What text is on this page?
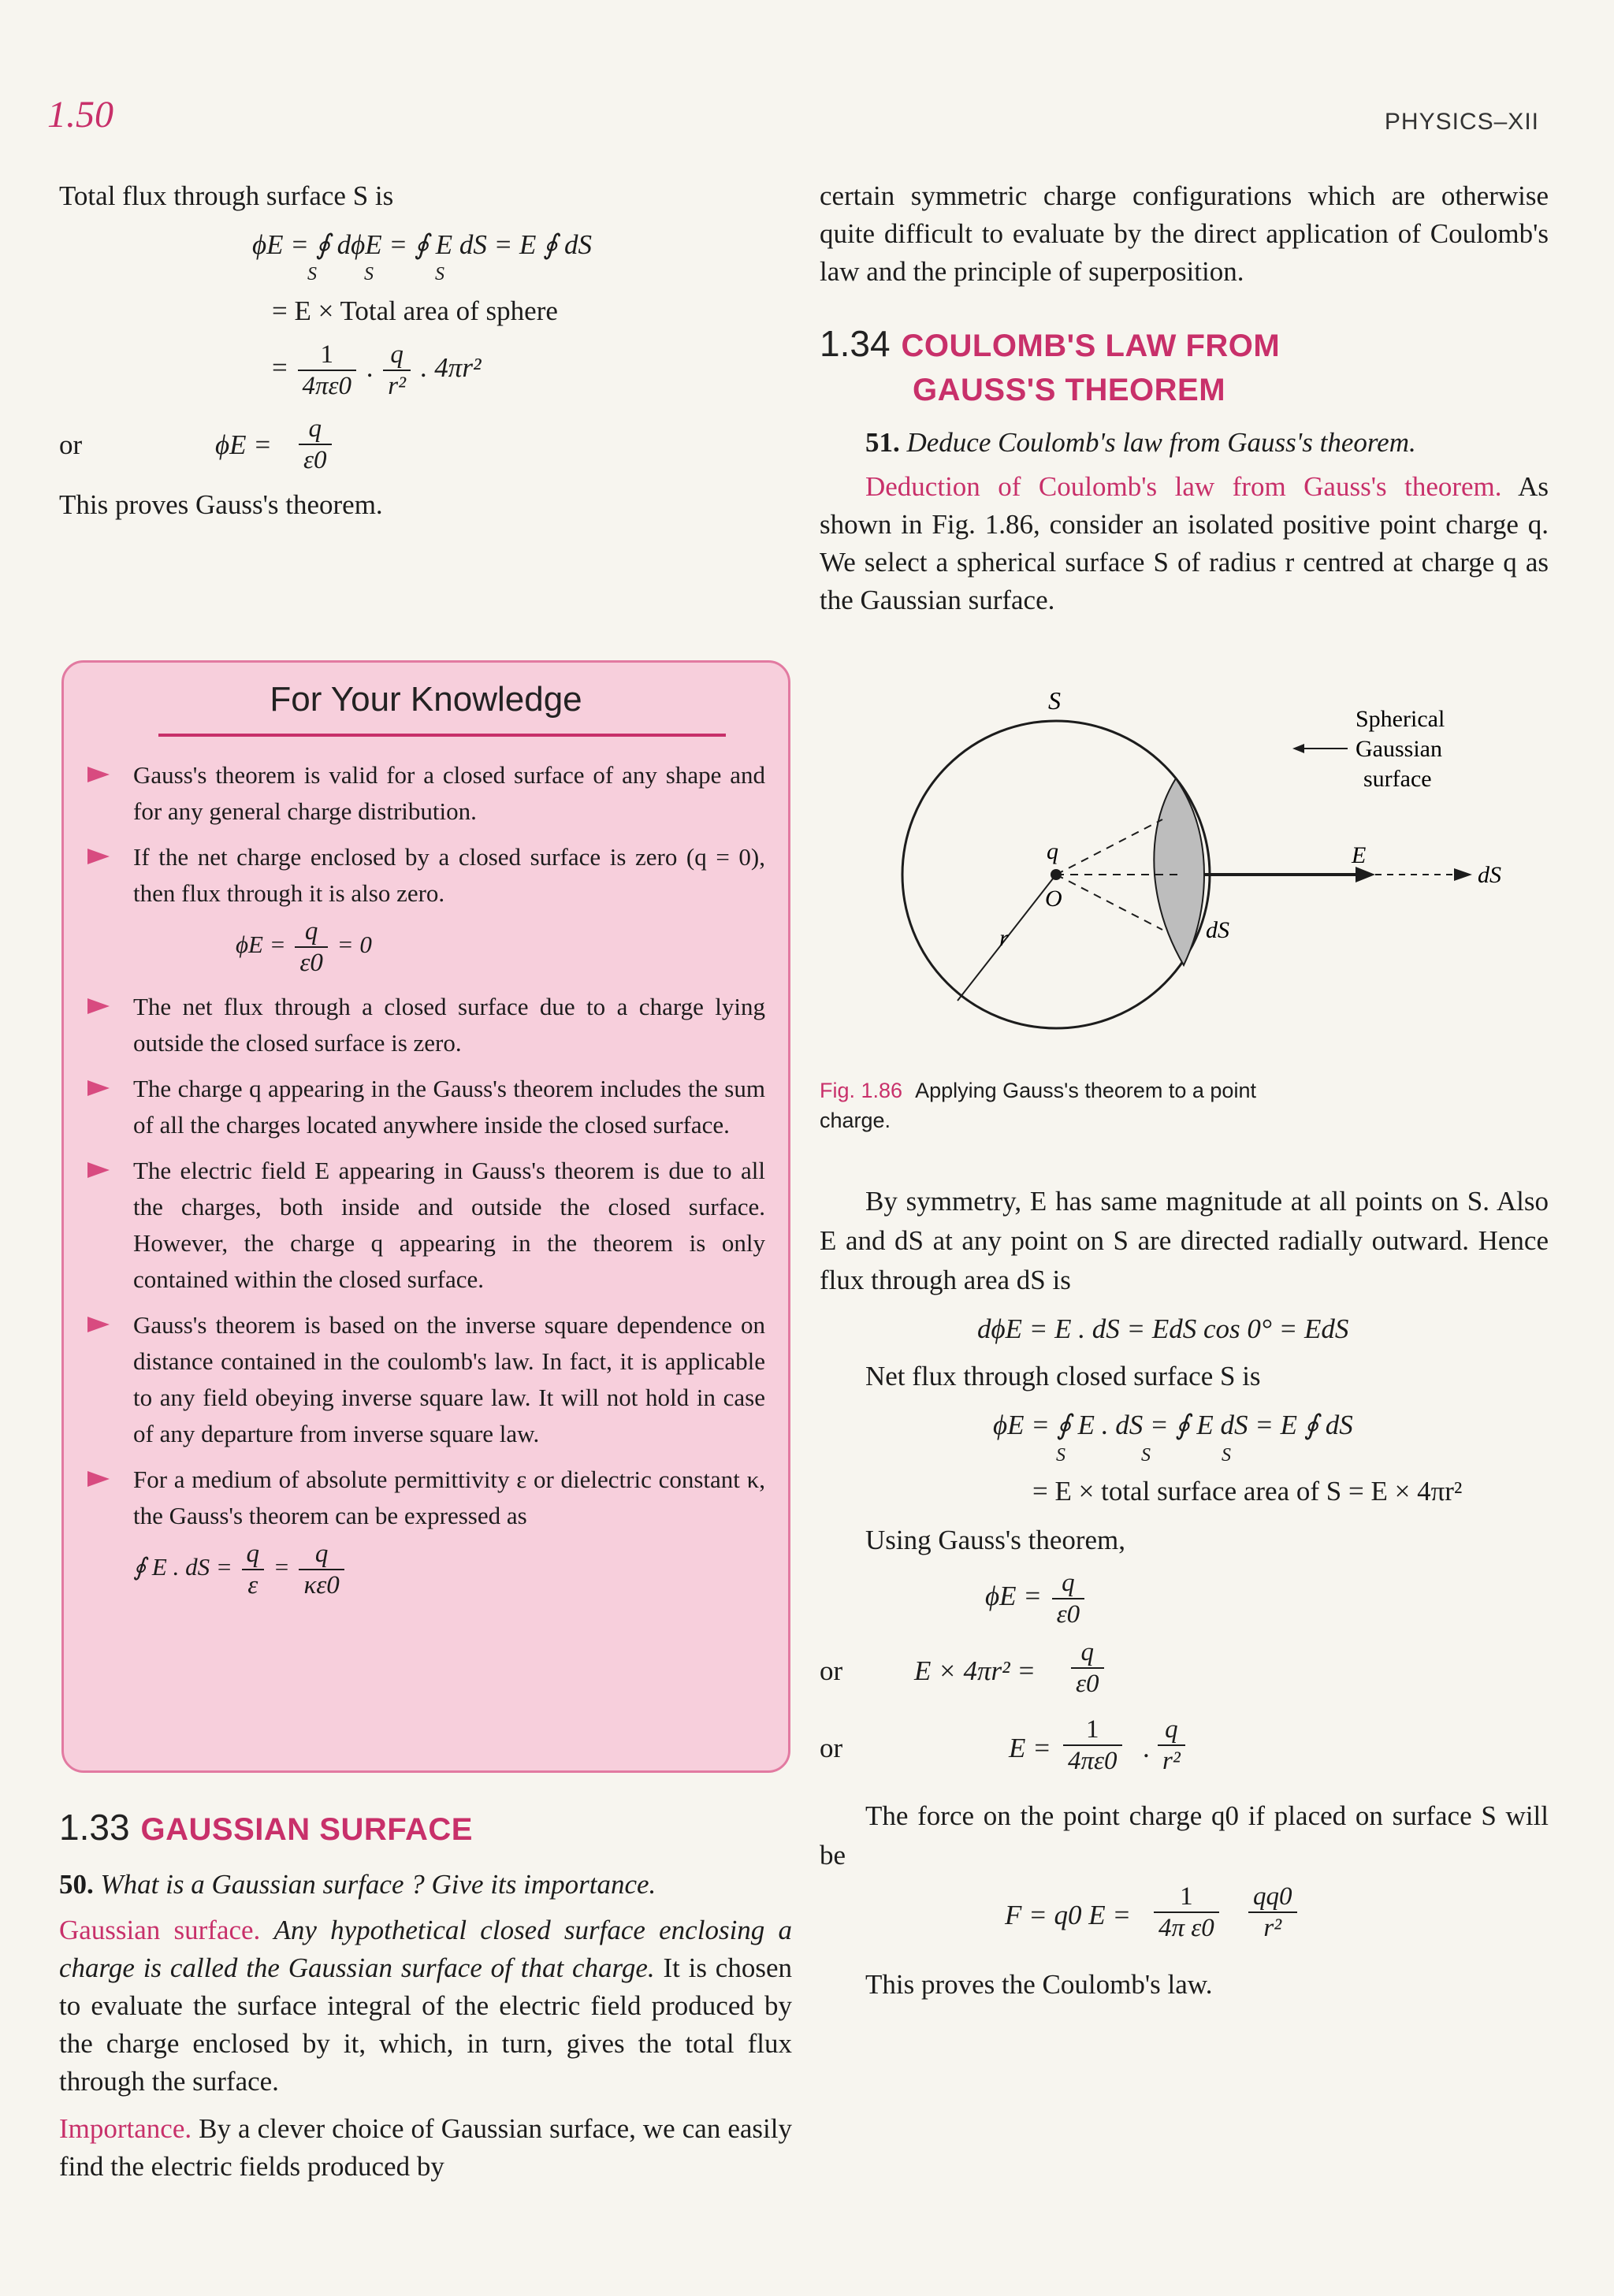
1.50	PHYSICS–XII

Total flux through surface S is

ϕE = ∮ dϕE = ∮ E dS = E ∮ dS
S          S             S
= E × Total area of sphere
= $\frac{1}{4\pi\varepsilon 0}$ . $\frac{q}{\text{r²}}$ . 4πr²
or	$\phi E = \frac{q}{\varepsilon 0}$

This proves Gauss's theorem.

For Your Knowledge
Gauss's theorem is valid for a closed surface of any shape and for any general charge distribution.
If the net charge enclosed by a closed surface is zero (q = 0), then flux through it is also zero.
$\phi E = \frac{q}{\varepsilon 0} = 0$
The net flux through a closed surface due to a charge lying outside the closed surface is zero.
The charge q appearing in the Gauss's theorem includes the sum of all the charges located anywhere inside the closed surface.
The electric field E appearing in Gauss's theorem is due to all the charges, both inside and outside the closed surface. However, the charge q appearing in the theorem is only contained within the closed surface.
Gauss's theorem is based on the inverse square dependence on distance contained in the coulomb's law. In fact, it is applicable to any field obeying inverse square law. It will not hold in case of any departure from inverse square law.
For a medium of absolute permittivity ε or dielectric constant κ, the Gauss's theorem can be expressed as
∮ E . dS = $\frac{q}{\varepsilon} = \frac{q}{\kappa\varepsilon 0}$
1.33 GAUSSIAN SURFACE

50. What is a Gaussian surface ? Give its importance.

Gaussian surface. Any hypothetical closed surface enclosing a charge is called the Gaussian surface of that charge. It is chosen to evaluate the surface integral of the electric field produced by the charge enclosed by it, which, in turn, gives the total flux through the surface.

Importance. By a clever choice of Gaussian surface, we can easily find the electric fields produced by

certain symmetric charge configurations which are otherwise quite difficult to evaluate by the direct application of Coulomb's law and the principle of superposition.

1.34 COULOMB'S LAW FROM
GAUSS'S THEOREM

51. Deduce Coulomb's law from Gauss's theorem.

Deduction of Coulomb's law from Gauss's theorem. As shown in Fig. 1.86, consider an isolated positive point charge q. We select a spherical surface S of radius r centred at charge q as the Gaussian surface.

S
Spherical
Gaussian
surface
q
O
r	dS
E
dS
Fig. 1.86 Applying Gauss's theorem to a point charge.

By symmetry, E has same magnitude at all points on S. Also E and dS at any point on S are directed radially outward. Hence flux through area dS is

dϕE = E . dS = EdS cos 0° = EdS

Net flux through closed surface S is

ϕE = ∮ E . dS = ∮ E dS = E ∮ dS
S                S               S
= E × total surface area of S = E × 4πr²

Using Gauss's theorem,

$\phi E = \frac{q}{\varepsilon 0}$
or	$E \times 4\pi r^2 = \frac{q}{\varepsilon 0}$
or	$E = \frac{1}{4\pi\varepsilon 0}$ . $\frac{q}{\text{r²}}$

The force on the point charge q0 if placed on surface S will be

F = q0 $E = \frac{1}{\text{4π ε0}} \frac{qq0}{\text{r²}}$

This proves the Coulomb's law.
